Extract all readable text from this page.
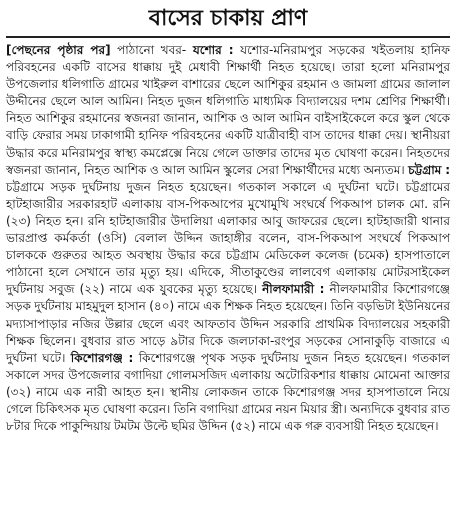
বাসের চাকায় প্রাণ

[পেছনের পৃষ্ঠার পর] পাঠানো খবর- যশোর : যশোর-মনিরামপুর সড়কের খইতলায় হানিফ পরিবহনের একটি বাসের ধাক্কায় দুই মেধাবী শিক্ষার্থী নিহত হয়েছে। তারা হলো মনিরামপুর উপজেলার ধলিগাতি গ্রামের খাইরুল বাশারের ছেলে আশিকুর রহমান ও জামলা গ্রামের জালাল উদ্দীনের ছেলে আল আমিন। নিহত দুজন ধলিগাতি মাধ্যমিক বিদ্যালয়ের দশম শ্রেণির শিক্ষার্থী। নিহত আশিকুর রহমানের স্বজনরা জানান, আশিক ও আল আমিন বাইসাইকেলে করে স্কুল থেকে বাড়ি ফেরার সময় ঢাকাগামী হানিফ পরিবহনের একটি যাত্রীবাহী বাস তাদের ধাক্কা দেয়। স্থানীয়রা উদ্ধার করে মনিরামপুর স্বাস্থ্য কমপ্লেক্সে নিয়ে গেলে ডাক্তার তাদের মৃত ঘোষণা করেন। নিহতদের স্বজনরা জানান, নিহত আশিক ও আল আমিন স্কুলের সেরা শিক্ষার্থীদের মধ্যে অন্যতম। চট্টগ্রাম : চট্টগ্রামে সড়ক দুর্ঘটনায় দুজন নিহত হয়েছেন। গতকাল সকালে এ দুর্ঘটনা ঘটে। চট্টগ্রামের হাটহাজারীর সরকারহাট এলাকায় বাস-পিকআপের মুখোমুখি সংঘর্ষে পিকআপ চালক মো. রনি (২৩) নিহত হন। রনি হাটহাজারীর উদালিয়া এলাকার আবু জাফরের ছেলে। হাটহাজারী থানার ভারপ্রাপ্ত কর্মকর্তা (ওসি) বেলাল উদ্দিন জাহাঙ্গীর বলেন, বাস-পিকআপ সংঘর্ষে পিকআপ চালককে গুরুতর আহত অবস্থায় উদ্ধার করে চট্টগ্রাম মেডিকেল কলেজ (চমেক) হাসপাতালে পাঠানো হলে সেখানে তার মৃত্যু হয়। এদিকে, সীতাকুণ্ডের লালবেগ এলাকায় মোটরসাইকেল দুর্ঘটনায় সবুজ (২২) নামে এক যুবকের মৃত্যু হয়েছে। নীলফামারী : নীলফামারীর কিশোরগঞ্জে সড়ক দুর্ঘটনায় মাহমুদুল হাসান (৪০) নামে এক শিক্ষক নিহত হয়েছেন। তিনি বড়ভিটা ইউনিয়নের মদ্যাসাপাড়ার নজির উল্লার ছেলে এবং আফতাব উদ্দিন সরকারি প্রাথমিক বিদ্যালয়ের সহকারী শিক্ষক ছিলেন। বুধবার রাত সাড়ে ৯টার দিকে জলঢাকা-রংপুর সড়কের সোনাকুড়ি বাজারে এ দুর্ঘটনা ঘটে। কিশোরগঞ্জ : কিশোরগঞ্জে পৃথক সড়ক দুর্ঘটনায় দুজন নিহত হয়েছেন। গতকাল সকালে সদর উপজেলার বগাদিয়া গোলমসজিদ এলাকায় অটোরিকশার ধাক্কায় মোমেনা আক্তার (৩২) নামে এক নারী আহত হন। স্থানীয় লোকজন তাকে কিশোরগঞ্জ সদর হাসপাতালে নিয়ে গেলে চিকিৎসক মৃত ঘোষণা করেন। তিনি বগাদিয়া গ্রামের নয়ন মিয়ার স্ত্রী। অন্যদিকে বুধবার রাত ৮টার দিকে পাকুন্দিয়ায় টমটম উল্টে ছমির উদ্দিন (৫২) নামে এক গরু ব্যবসায়ী নিহত হয়েছেন।
